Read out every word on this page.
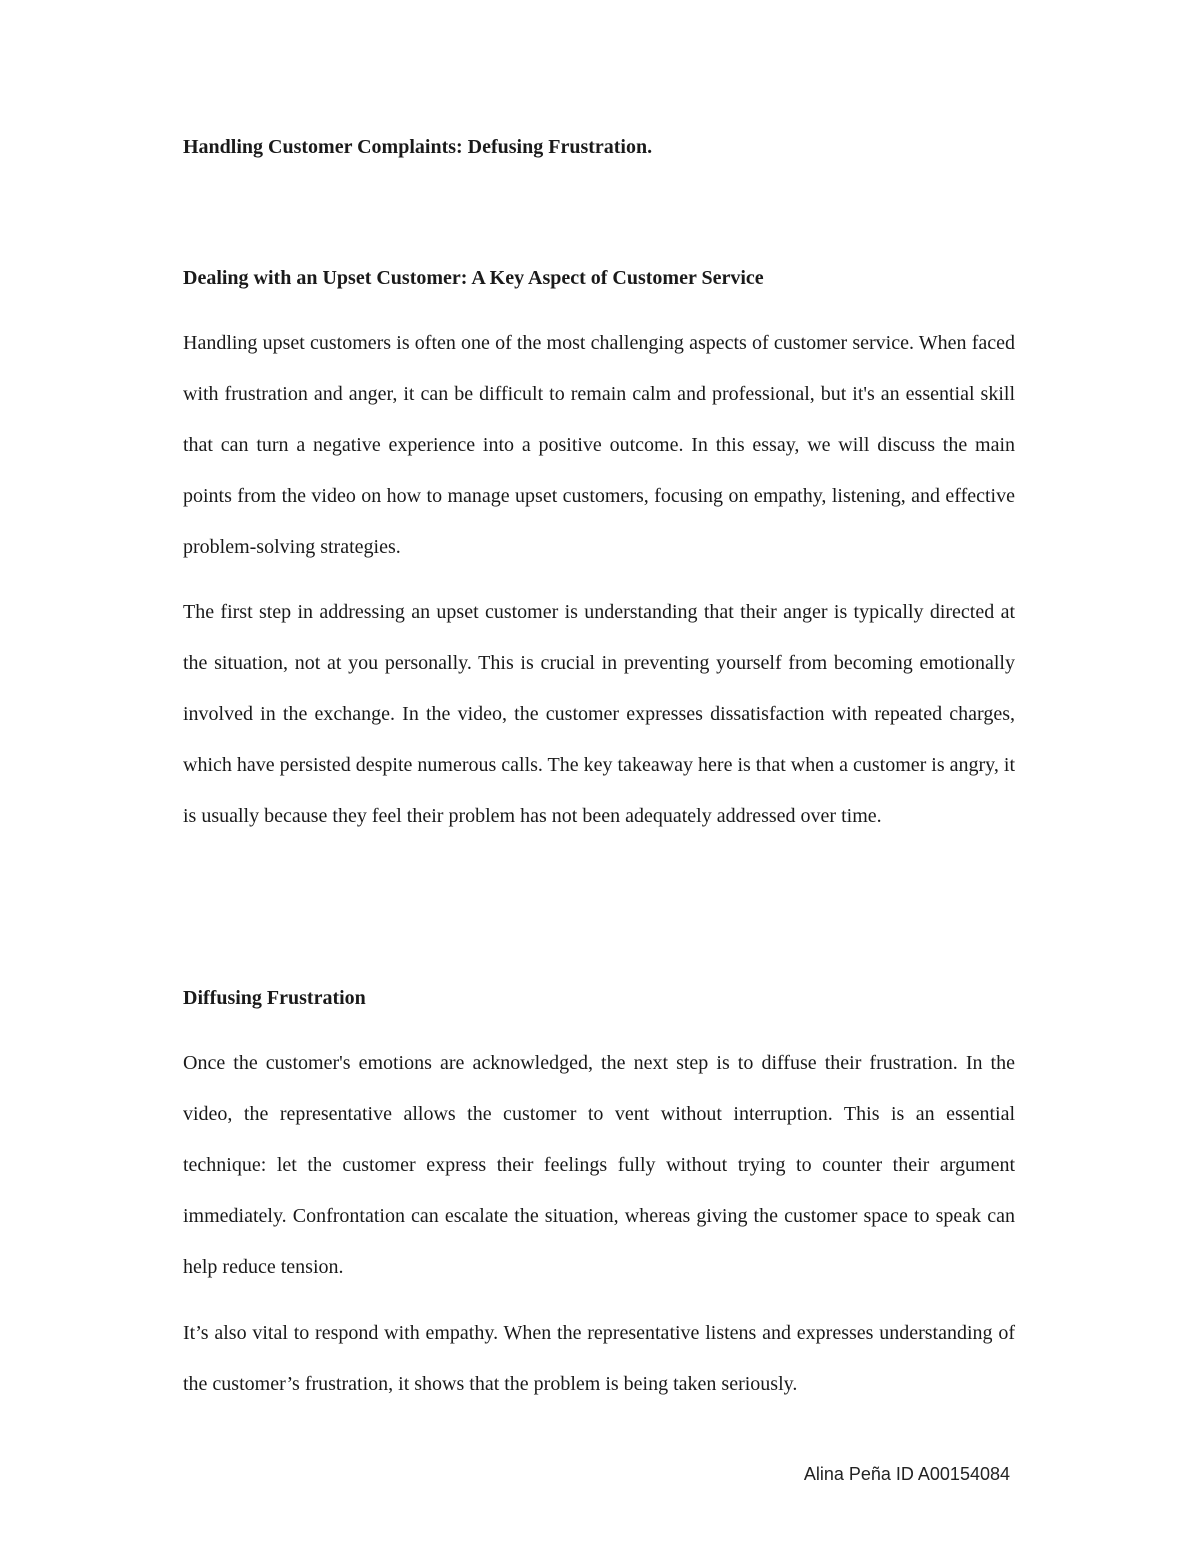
Handling Customer Complaints: Defusing Frustration.
Dealing with an Upset Customer: A Key Aspect of Customer Service

Handling upset customers is often one of the most challenging aspects of customer service. When faced with frustration and anger, it can be difficult to remain calm and professional, but it's an essential skill that can turn a negative experience into a positive outcome. In this essay, we will discuss the main points from the video on how to manage upset customers, focusing on empathy, listening, and effective problem-solving strategies.

The first step in addressing an upset customer is understanding that their anger is typically directed at the situation, not at you personally. This is crucial in preventing yourself from becoming emotionally involved in the exchange. In the video, the customer expresses dissatisfaction with repeated charges, which have persisted despite numerous calls. The key takeaway here is that when a customer is angry, it is usually because they feel their problem has not been adequately addressed over time.

Diffusing Frustration

Once the customer's emotions are acknowledged, the next step is to diffuse their frustration. In the video, the representative allows the customer to vent without interruption. This is an essential technique: let the customer express their feelings fully without trying to counter their argument immediately. Confrontation can escalate the situation, whereas giving the customer space to speak can help reduce tension.

It’s also vital to respond with empathy. When the representative listens and expresses understanding of the customer’s frustration, it shows that the problem is being taken seriously.

Alina Peña ID A00154084
